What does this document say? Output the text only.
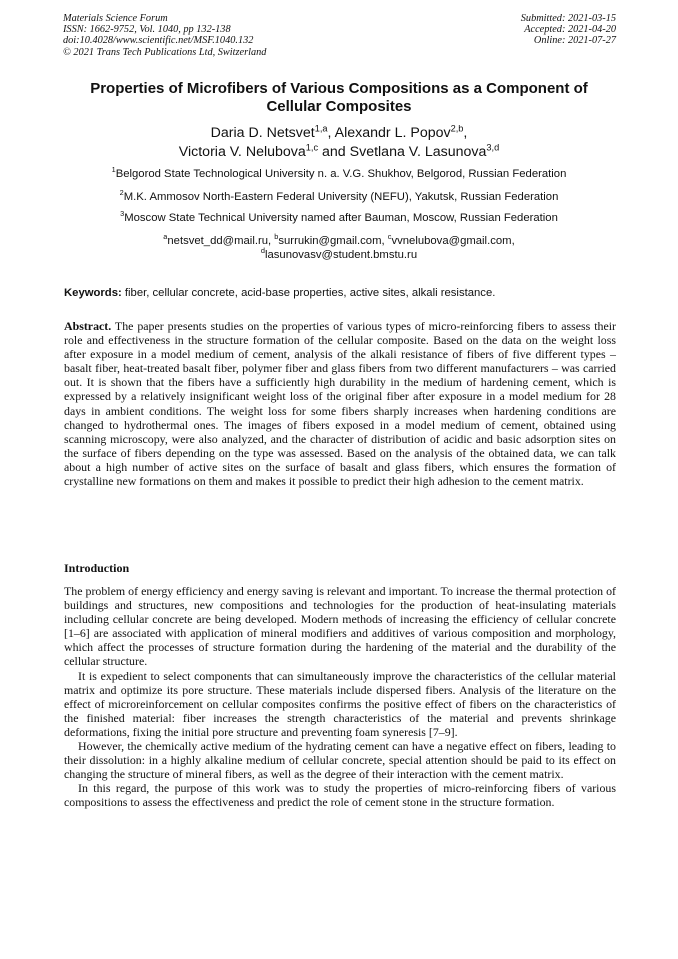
Materials Science Forum
ISSN: 1662-9752, Vol. 1040, pp 132-138
doi:10.4028/www.scientific.net/MSF.1040.132
© 2021 Trans Tech Publications Ltd, Switzerland
Submitted: 2021-03-15
Accepted: 2021-04-20
Online: 2021-07-27
Properties of Microfibers of Various Compositions as a Component of
Cellular Composites
Daria D. Netsvet$^{1,a}$, Alexandr L. Popov$^{2,b}$,
Victoria V. Nelubova$^{1,c}$ and Svetlana V. Lasunova$^{3,d}$
$^1$Belgorod State Technological University n. a. V.G. Shukhov, Belgorod, Russian Federation
$^2$M.K. Ammosov North-Eastern Federal University (NEFU), Yakutsk, Russian Federation
$^3$Moscow State Technical University named after Bauman, Moscow, Russian Federation
$^a$netsvet_dd@mail.ru, $^b$surrukin@gmail.com, $^c$vvnelubova@gmail.com,
$^d$lasunovasv@student.bmstu.ru
Keywords: fiber, cellular concrete, acid-base properties, active sites, alkali resistance.

Abstract. The paper presents studies on the properties of various types of micro-reinforcing fibers to assess their role and effectiveness in the structure formation of the cellular composite. Based on the data on the weight loss after exposure in a model medium of cement, analysis of the alkali resistance of fibers of five different types – basalt fiber, heat-treated basalt fiber, polymer fiber and glass fibers from two different manufacturers – was carried out. It is shown that the fibers have a sufficiently high durability in the medium of hardening cement, which is expressed by a relatively insignificant weight loss of the original fiber after exposure in a model medium for 28 days in ambient conditions. The weight loss for some fibers sharply increases when hardening conditions are changed to hydrothermal ones. The images of fibers exposed in a model medium of cement, obtained using scanning microscopy, were also analyzed, and the character of distribution of acidic and basic adsorption sites on the surface of fibers depending on the type was assessed. Based on the analysis of the obtained data, we can talk about a high number of active sites on the surface of basalt and glass fibers, which ensures the formation of crystalline new formations on them and makes it possible to predict their high adhesion to the cement matrix.

Introduction

The problem of energy efficiency and energy saving is relevant and important. To increase the thermal protection of buildings and structures, new compositions and technologies for the production of heat-insulating materials including cellular concrete are being developed. Modern methods of increasing the efficiency of cellular concrete [1–6] are associated with application of mineral modifiers and additives of various composition and morphology, which affect the processes of structure formation during the hardening of the material and the durability of the cellular structure.

It is expedient to select components that can simultaneously improve the characteristics of the cellular material matrix and optimize its pore structure. These materials include dispersed fibers. Analysis of the literature on the effect of microreinforcement on cellular composites confirms the positive effect of fibers on the characteristics of the finished material: fiber increases the strength characteristics of the material and prevents shrinkage deformations, fixing the initial pore structure and preventing foam syneresis [7–9].

However, the chemically active medium of the hydrating cement can have a negative effect on fibers, leading to their dissolution: in a highly alkaline medium of cellular concrete, special attention should be paid to its effect on changing the structure of mineral fibers, as well as the degree of their interaction with the cement matrix.

In this regard, the purpose of this work was to study the properties of micro-reinforcing fibers of various compositions to assess the effectiveness and predict the role of cement stone in the structure formation.
